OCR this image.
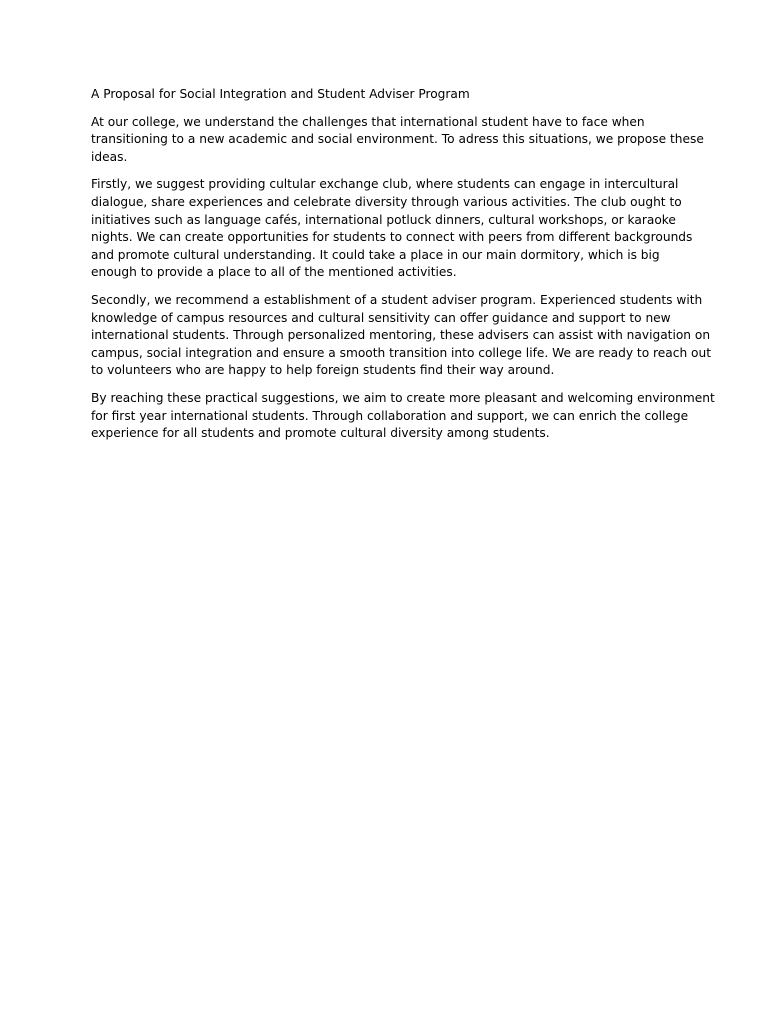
A Proposal for Social Integration and Student Adviser Program
At our college, we understand the challenges that international student have to face when
transitioning to a new academic and social environment. To adress this situations, we propose these
ideas.
Firstly, we suggest providing cultular exchange club, where students can engage in intercultural
dialogue, share experiences and celebrate diversity through various activities. The club ought to
initiatives such as language cafés, international potluck dinners, cultural workshops, or karaoke
nights. We can create opportunities for students to connect with peers from different backgrounds
and promote cultural understanding. It could take a place in our main dormitory, which is big
enough to provide a place to all of the mentioned activities.
Secondly, we recommend a establishment of a student adviser program. Experienced students with
knowledge of campus resources and cultural sensitivity can offer guidance and support to new
international students. Through personalized mentoring, these advisers can assist with navigation on
campus, social integration and ensure a smooth transition into college life. We are ready to reach out
to volunteers who are happy to help foreign students find their way around.
By reaching these practical suggestions, we aim to create more pleasant and welcoming environment
for first year international students. Through collaboration and support, we can enrich the college
experience for all students and promote cultural diversity among students.
